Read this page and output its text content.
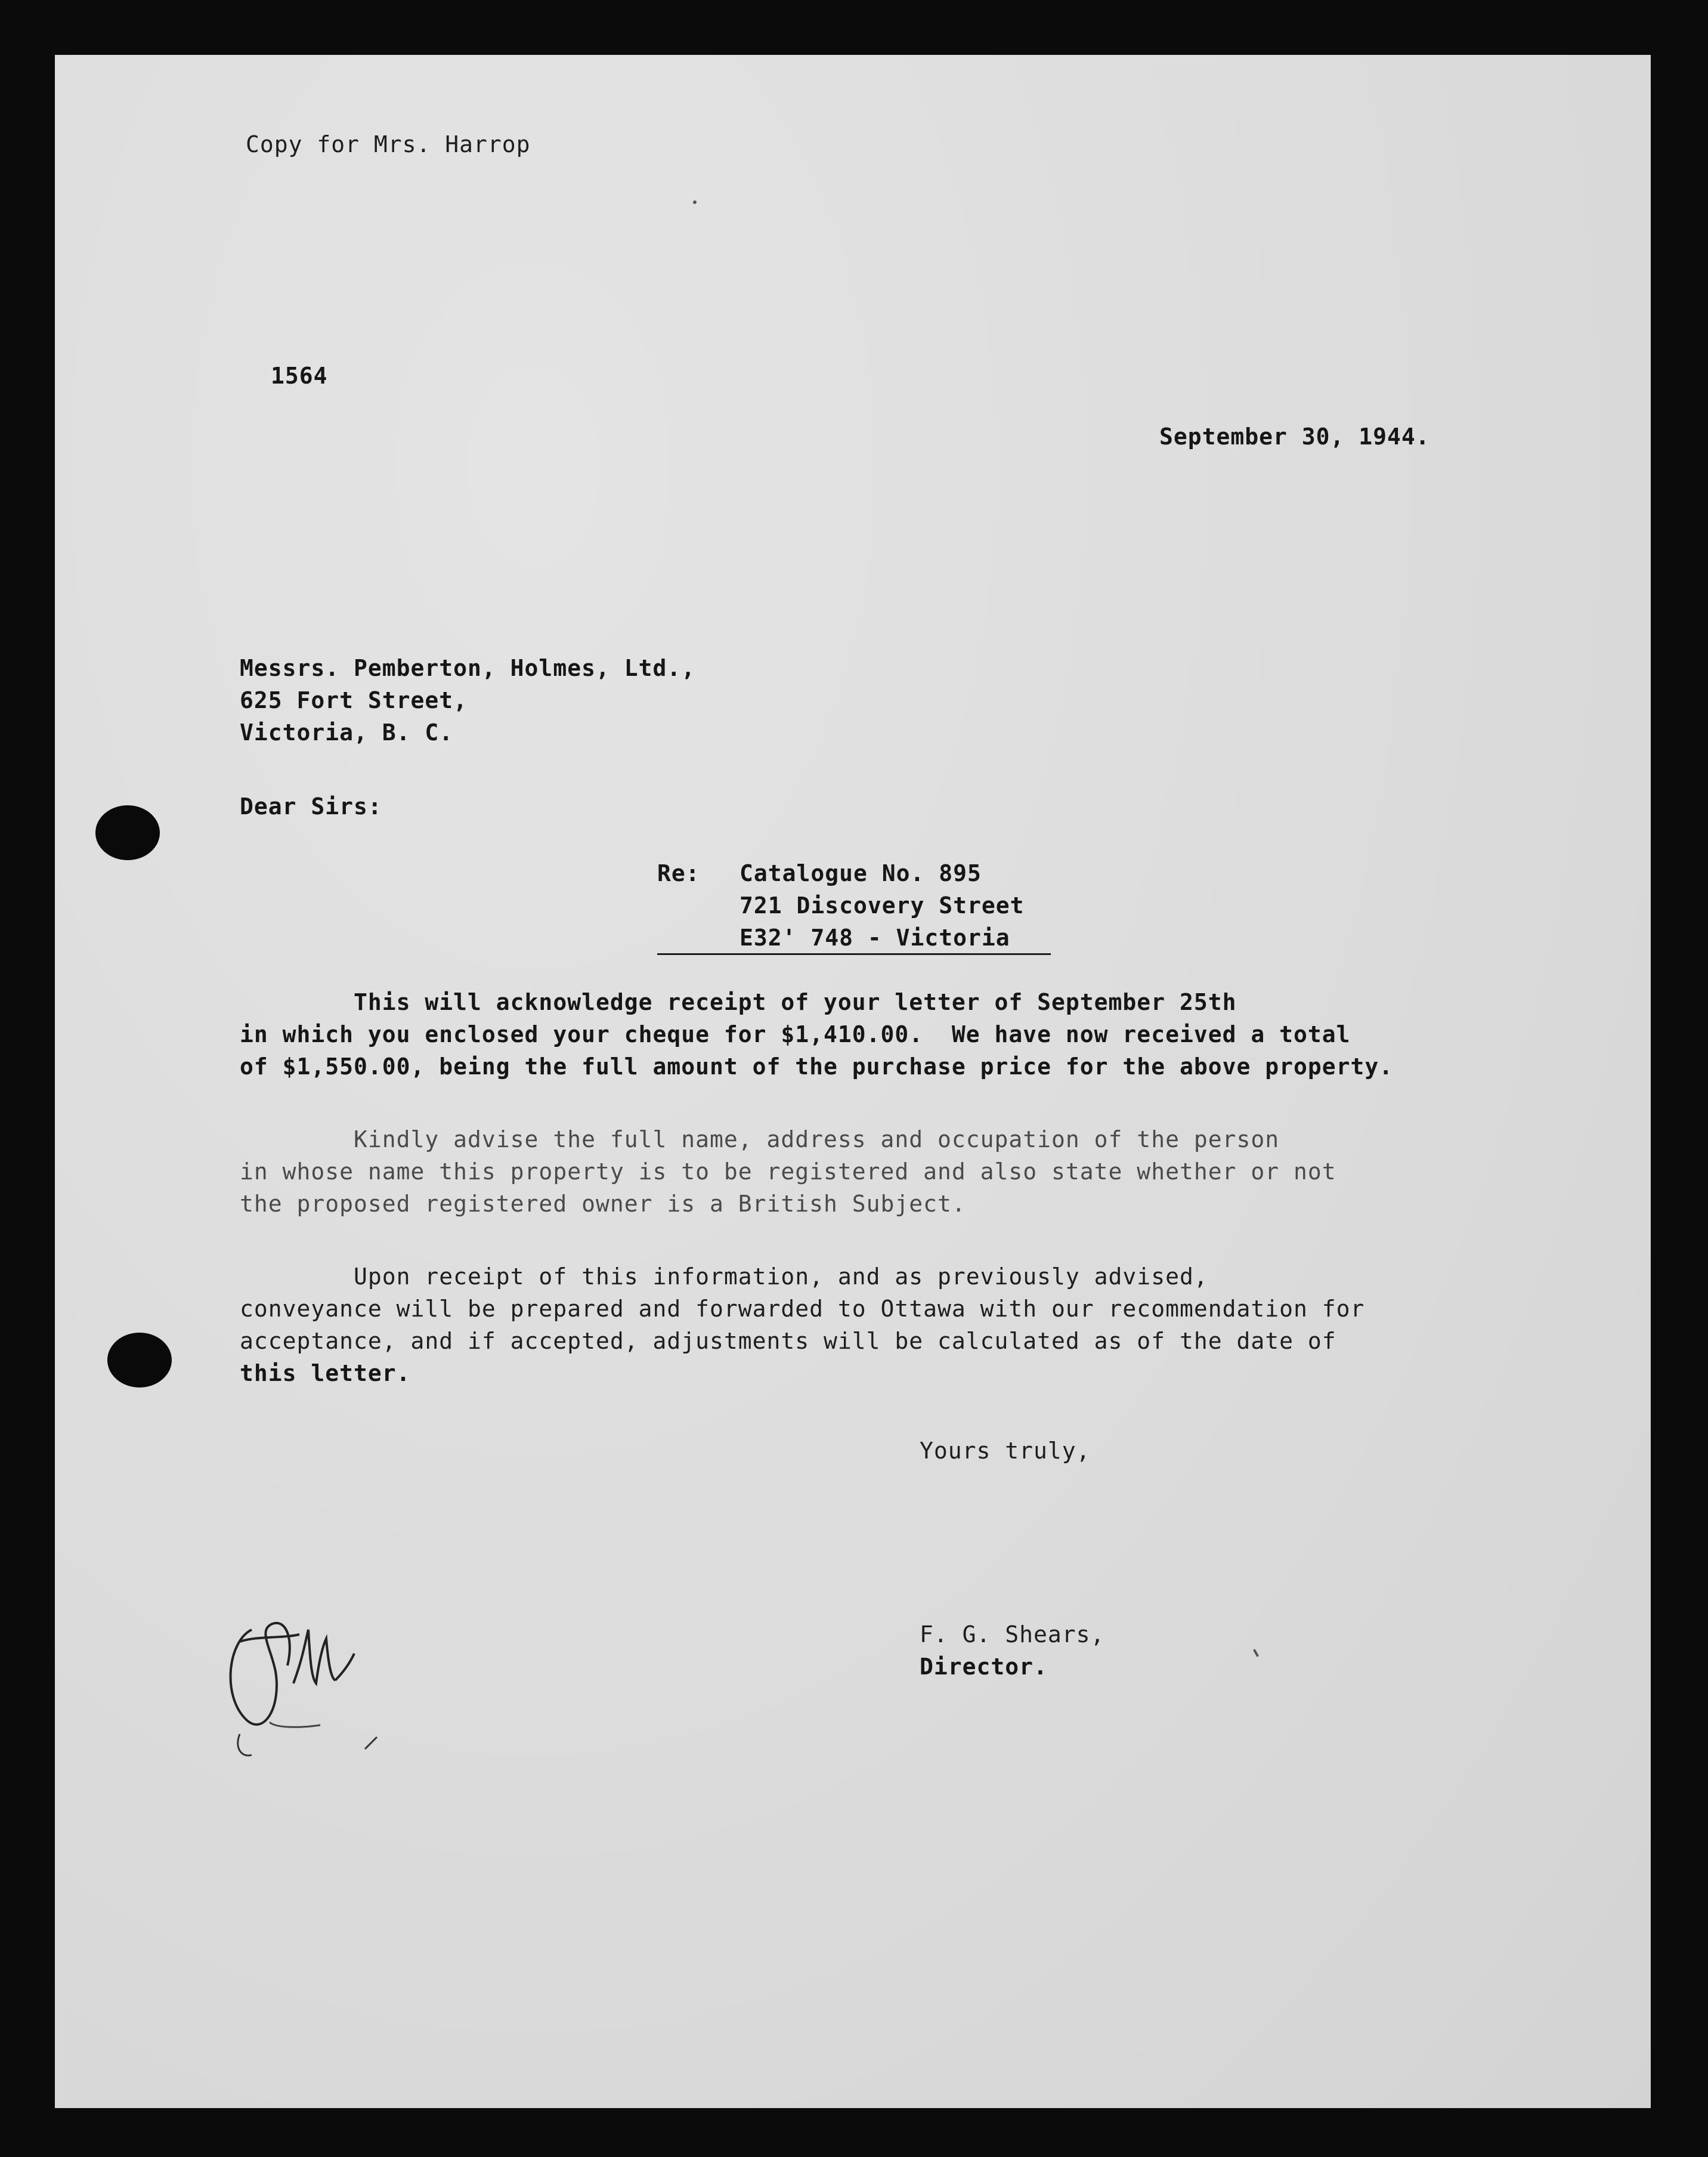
Copy for Mrs. Harrop
1564
September 30, 1944.
Messrs. Pemberton, Holmes, Ltd.,
625 Fort Street,
Victoria, B. C.
Dear Sirs:
Re: Catalogue No. 895
721 Discovery Street
E32' 748 - Victoria
This will acknowledge receipt of your letter of September 25th
in which you enclosed your cheque for $1,410.00.  We have now received a total
of $1,550.00, being the full amount of the purchase price for the above property.
Kindly advise the full name, address and occupation of the person
in whose name this property is to be registered and also state whether or not
the proposed registered owner is a British Subject.
Upon receipt of this information, and as previously advised,
conveyance will be prepared and forwarded to Ottawa with our recommendation for
acceptance, and if accepted, adjustments will be calculated as of the date of
this letter.
Yours truly,
F. G. Shears,
Director.
